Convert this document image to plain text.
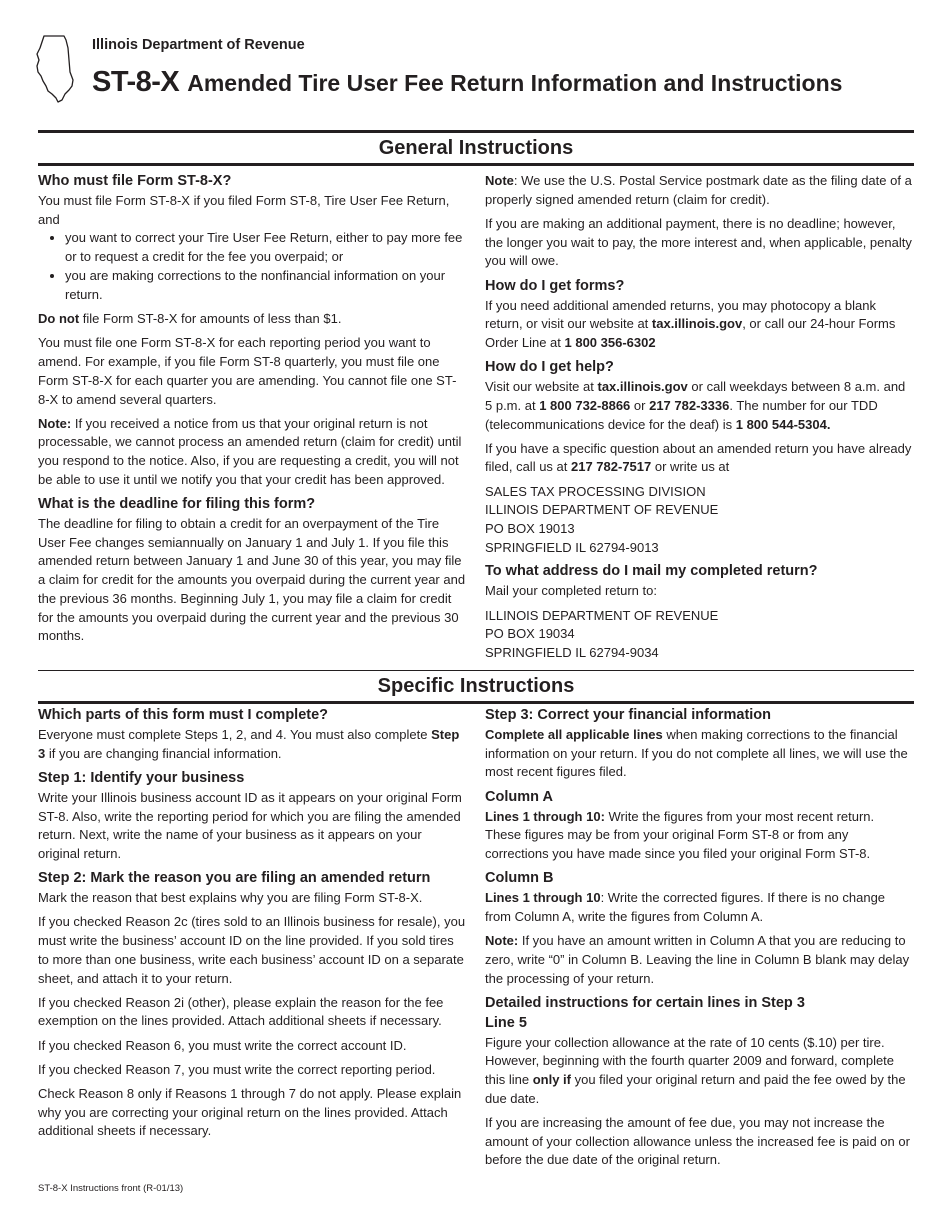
Illinois Department of Revenue
ST-8-X Amended Tire User Fee Return Information and Instructions
General Instructions

Who must file Form ST-8-X?

You must file Form ST-8-X if you filed Form ST-8, Tire User Fee Return, and

• you want to correct your Tire User Fee Return, either to pay more fee or to request a credit for the fee you overpaid; or
• you are making corrections to the nonfinancial information on your return.

Do not file Form ST-8-X for amounts of less than $1.

You must file one Form ST-8-X for each reporting period you want to amend. For example, if you file Form ST-8 quarterly, you must file one Form ST-8-X for each quarter you are amending. You cannot file one ST-8-X to amend several quarters.

Note: If you received a notice from us that your original return is not processable, we cannot process an amended return (claim for credit) until you respond to the notice. Also, if you are requesting a credit, you will not be able to use it until we notify you that your credit has been approved.

What is the deadline for filing this form?

The deadline for filing to obtain a credit for an overpayment of the Tire User Fee changes semiannually on January 1 and July 1. If you file this amended return between January 1 and June 30 of this year, you may file a claim for credit for the amounts you overpaid during the current year and the previous 36 months. Beginning July 1, you may file a claim for credit for the amounts you overpaid during the current year and the previous 30 months.

Note: We use the U.S. Postal Service postmark date as the filing date of a properly signed amended return (claim for credit).

If you are making an additional payment, there is no deadline; however, the longer you wait to pay, the more interest and, when applicable, penalty you will owe.

How do I get forms?

If you need additional amended returns, you may photocopy a blank return, or visit our website at tax.illinois.gov, or call our 24-hour Forms Order Line at 1 800 356-6302

How do I get help?

Visit our website at tax.illinois.gov or call weekdays between 8 a.m. and 5 p.m. at 1 800 732-8866 or 217 782-3336. The number for our TDD (telecommunications device for the deaf) is 1 800 544-5304.

If you have a specific question about an amended return you have already filed, call us at 217 782-7517 or write us at

SALES TAX PROCESSING DIVISION
ILLINOIS DEPARTMENT OF REVENUE
PO BOX 19013
SPRINGFIELD IL 62794-9013

To what address do I mail my completed return?

Mail your completed return to:

ILLINOIS DEPARTMENT OF REVENUE
PO BOX 19034
SPRINGFIELD IL 62794-9034
Specific Instructions

Which parts of this form must I complete?

Everyone must complete Steps 1, 2, and 4. You must also complete Step 3 if you are changing financial information.

Step 1: Identify your business

Write your Illinois business account ID as it appears on your original Form ST-8. Also, write the reporting period for which you are filing the amended return. Next, write the name of your business as it appears on your original return.

Step 2: Mark the reason you are filing an amended return

Mark the reason that best explains why you are filing Form ST-8-X.

If you checked Reason 2c (tires sold to an Illinois business for resale), you must write the business’ account ID on the line provided. If you sold tires to more than one business, write each business’ account ID on a separate sheet, and attach it to your return.

If you checked Reason 2i (other), please explain the reason for the fee exemption on the lines provided. Attach additional sheets if necessary.

If you checked Reason 6, you must write the correct account ID.

If you checked Reason 7, you must write the correct reporting period.

Check Reason 8 only if Reasons 1 through 7 do not apply. Please explain why you are correcting your original return on the lines provided. Attach additional sheets if necessary.

Step 3: Correct your financial information

Complete all applicable lines when making corrections to the financial information on your return. If you do not complete all lines, we will use the most recent figures filed.

Column A

Lines 1 through 10: Write the figures from your most recent return. These figures may be from your original Form ST-8 or from any corrections you have made since you filed your original Form ST-8.

Column B

Lines 1 through 10: Write the corrected figures. If there is no change from Column A, write the figures from Column A.

Note: If you have an amount written in Column A that you are reducing to zero, write “0” in Column B. Leaving the line in Column B blank may delay the processing of your return.

Detailed instructions for certain lines in Step 3

Line 5

Figure your collection allowance at the rate of 10 cents ($.10) per tire. However, beginning with the fourth quarter 2009 and forward, complete this line only if you filed your original return and paid the fee owed by the due date.

If you are increasing the amount of fee due, you may not increase the amount of your collection allowance unless the increased fee is paid on or before the due date of the original return.

ST-8-X Instructions front (R-01/13)
